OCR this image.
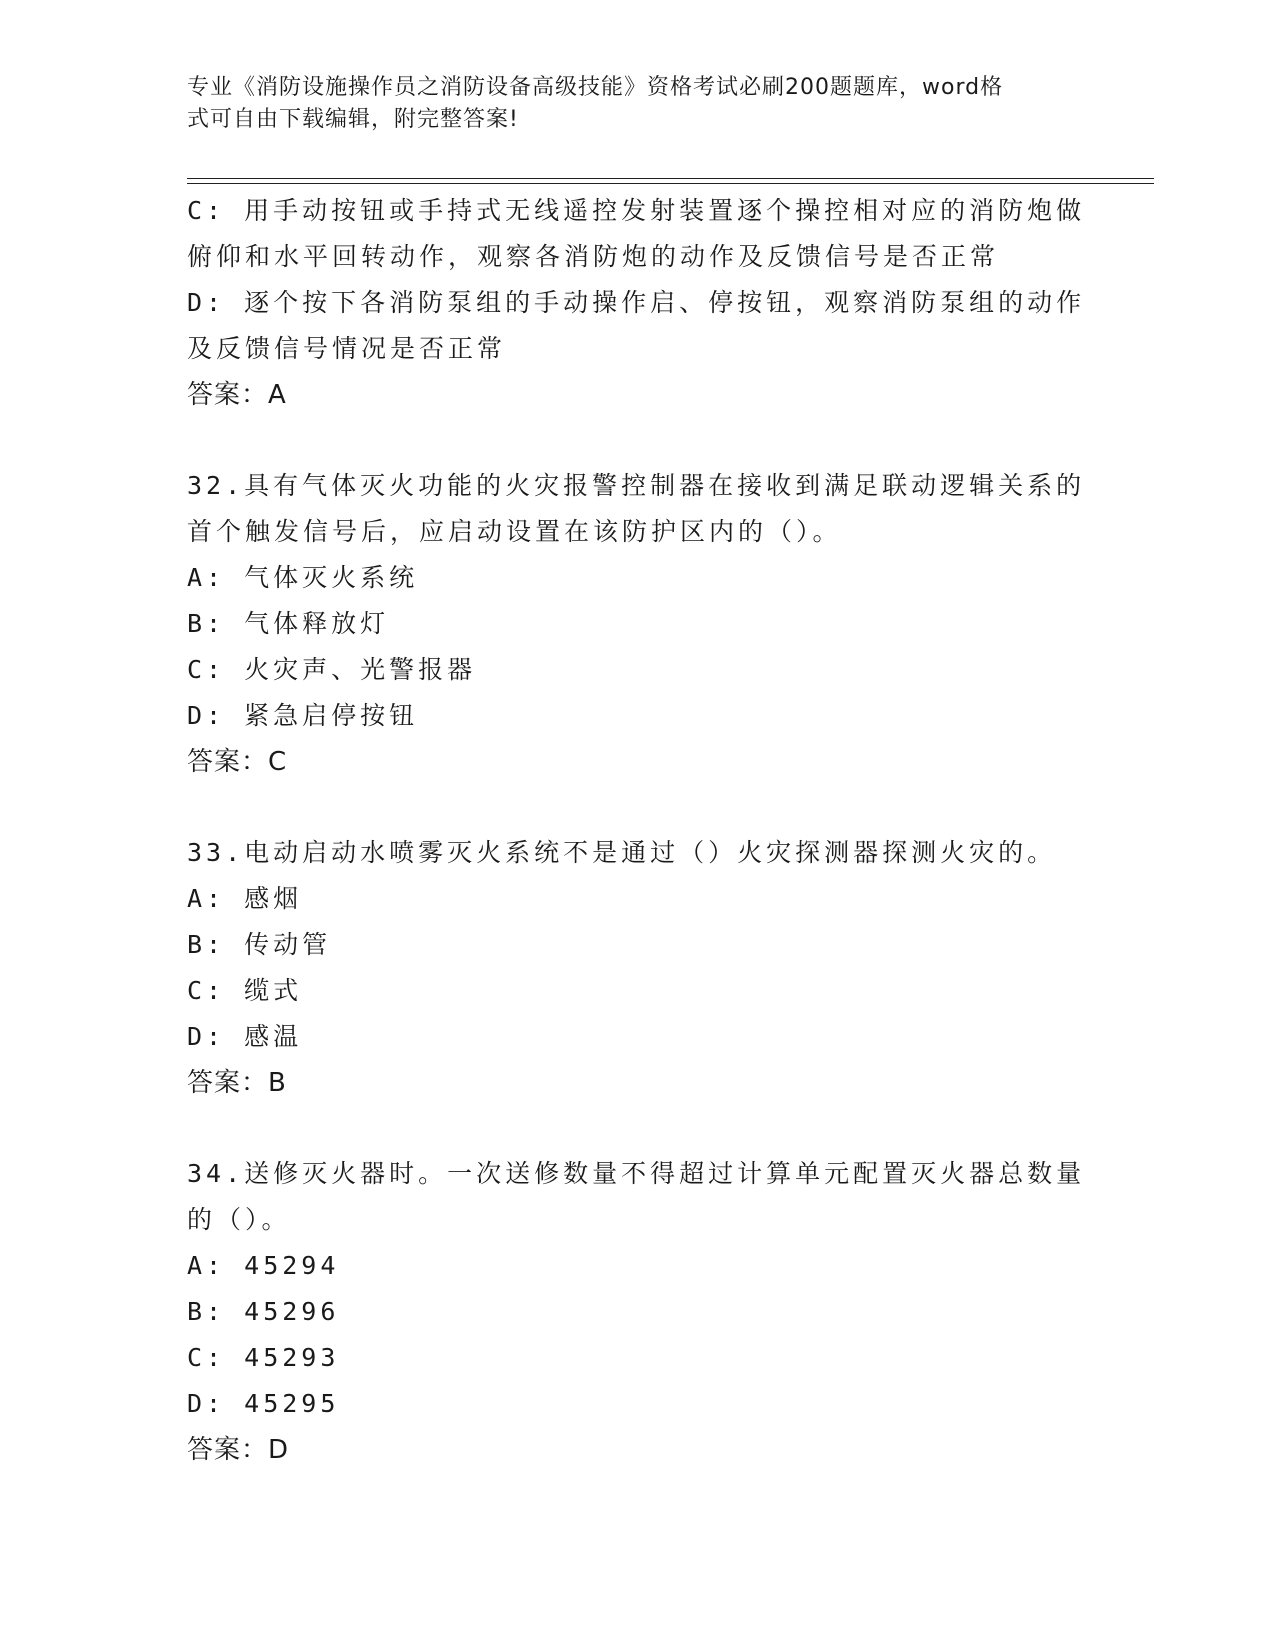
专业《消防设施操作员之消防设备高级技能》资格考试必刷200题题库，word格
式可自由下载编辑，附完整答案!
C: 用手动按钮或手持式无线遥控发射装置逐个操控相对应的消防炮做
俯仰和水平回转动作，观察各消防炮的动作及反馈信号是否正常
D: 逐个按下各消防泵组的手动操作启、停按钮，观察消防泵组的动作
及反馈信号情况是否正常
答案：A
32.具有气体灭火功能的火灾报警控制器在接收到满足联动逻辑关系的
首个触发信号后，应启动设置在该防护区内的（）。
A: 气体灭火系统
B: 气体释放灯
C: 火灾声、光警报器
D: 紧急启停按钮
答案：C
33.电动启动水喷雾灭火系统不是通过（）火灾探测器探测火灾的。
A: 感烟
B: 传动管
C: 缆式
D: 感温
答案：B
34.送修灭火器时。一次送修数量不得超过计算单元配置灭火器总数量
的（）。
A: 45294
B: 45296
C: 45293
D: 45295
答案：D
